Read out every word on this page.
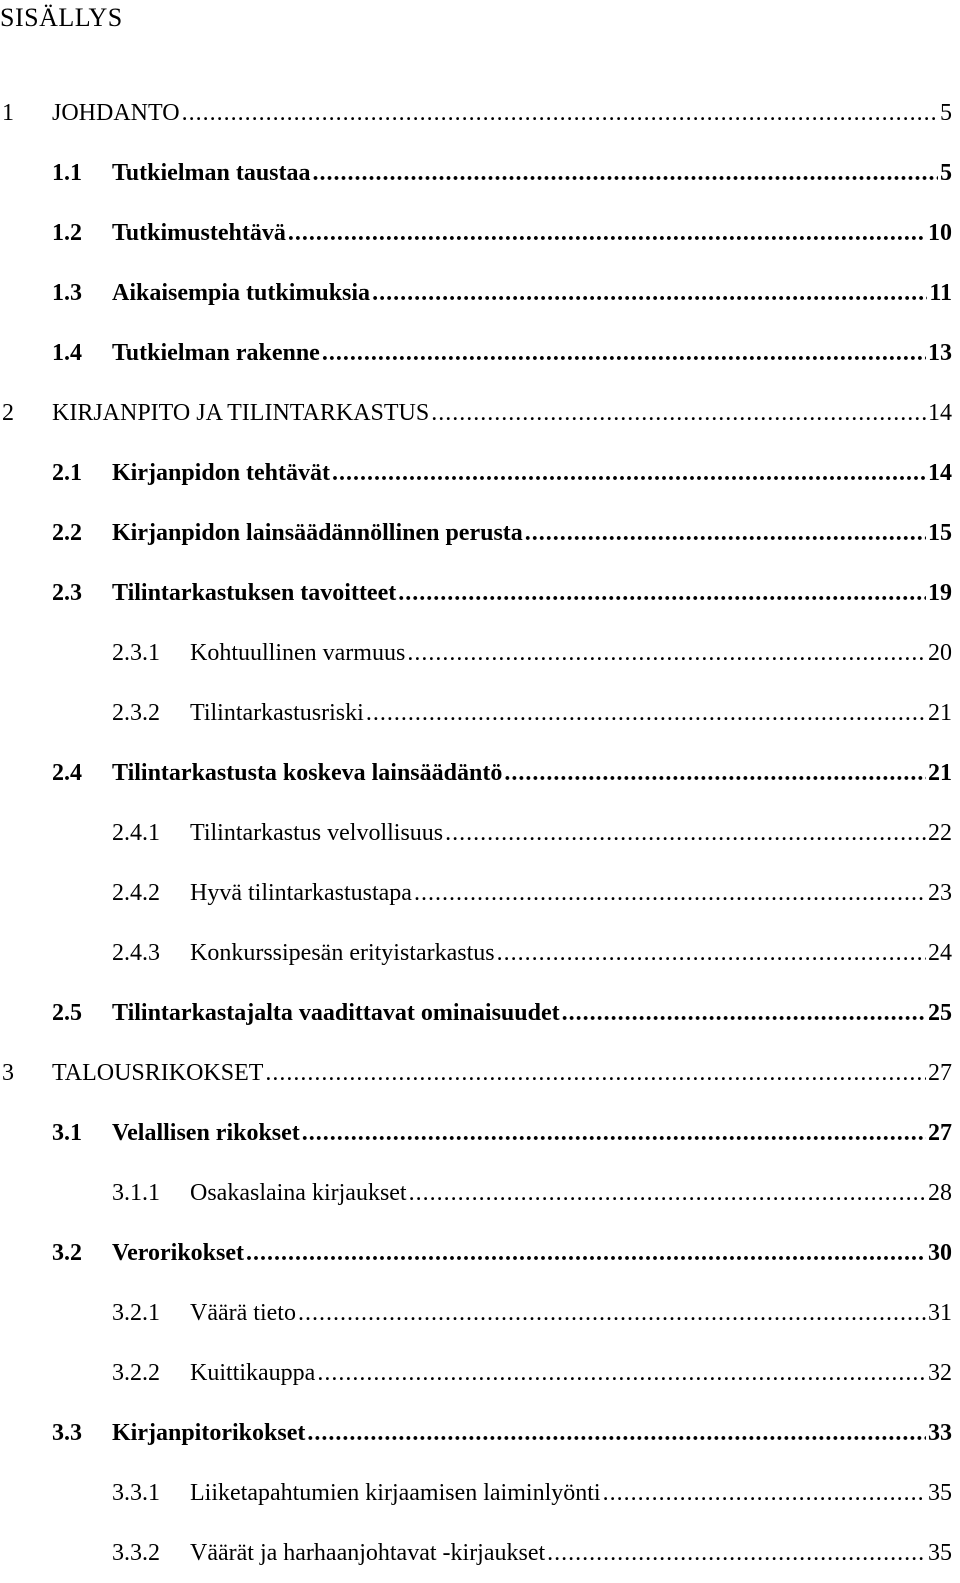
SISÄLLYS
1 JOHDANTO .....	5
1.1 Tutkielman taustaa .....	5
1.2 Tutkimustehtävä .....	10
1.3 Aikaisempia tutkimuksia .....	11
1.4 Tutkielman rakenne .....	13
2 KIRJANPITO JA TILINTARKASTUS .....	14
2.1 Kirjanpidon tehtävät .....	14
2.2 Kirjanpidon lainsäädännöllinen perusta .....	15
2.3 Tilintarkastuksen tavoitteet .....	19
2.3.1 Kohtuullinen varmuus .....	20
2.3.2 Tilintarkastusriski .....	21
2.4 Tilintarkastusta koskeva lainsäädäntö .....	21
2.4.1 Tilintarkastus velvollisuus .....	22
2.4.2 Hyvä tilintarkastustapa .....	23
2.4.3 Konkurssipesän erityistarkastus .....	24
2.5 Tilintarkastajalta vaadittavat ominaisuudet .....	25
3 TALOUSRIKOKSET .....	27
3.1 Velallisen rikokset .....	27
3.1.1 Osakaslaina kirjaukset .....	28
3.2 Verorikokset .....	30
3.2.1 Väärä tieto .....	31
3.2.2 Kuittikauppa .....	32
3.3 Kirjanpitorikokset .....	33
3.3.1 Liiketapahtumien kirjaamisen laiminlyönti .....	35
3.3.2 Väärät ja harhaanjohtavat -kirjaukset .....	35
